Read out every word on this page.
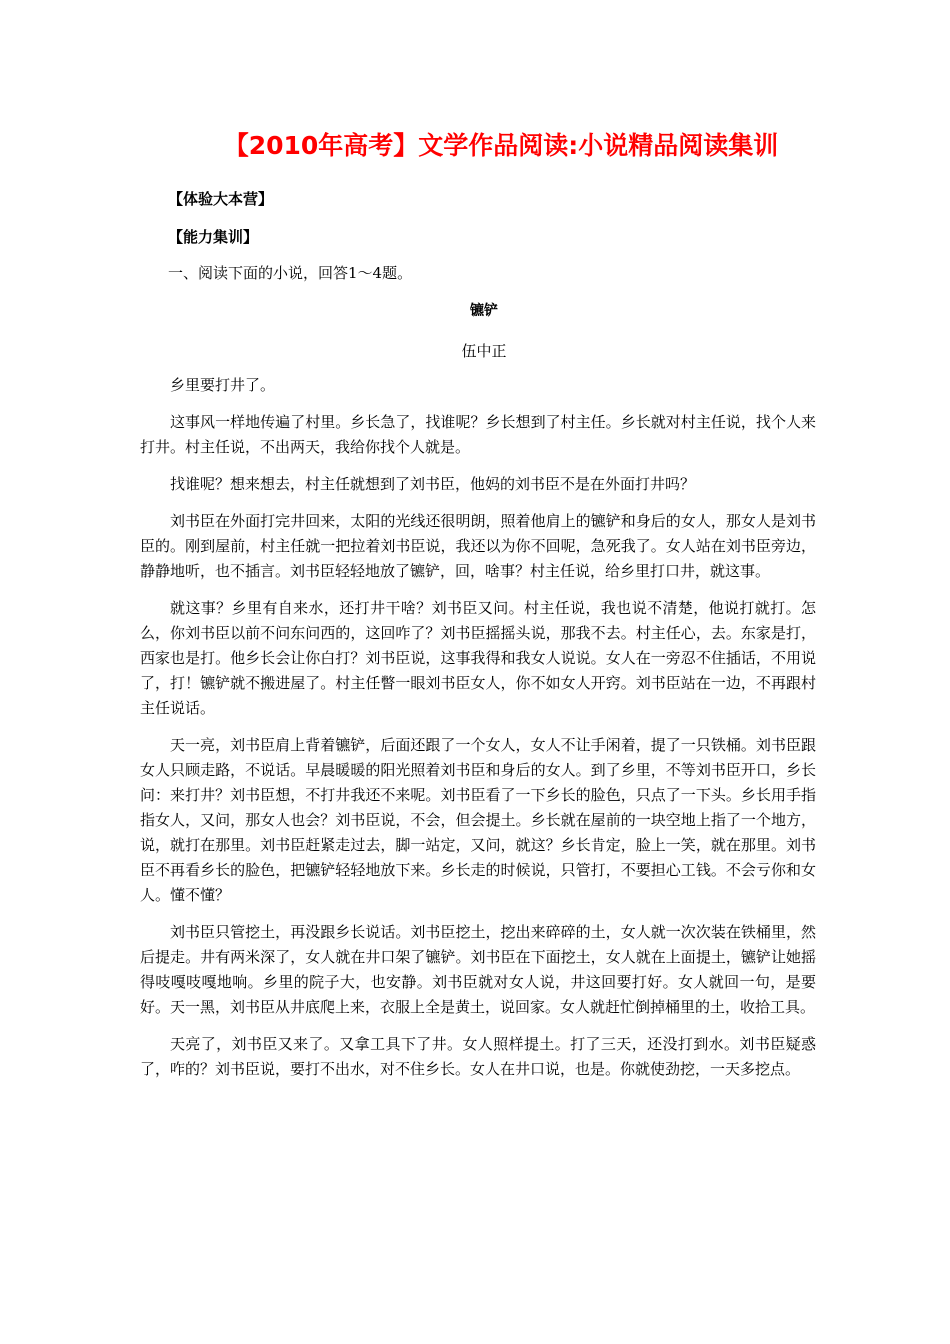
【2010年高考】文学作品阅读:小说精品阅读集训
【体验大本营】
【能力集训】
一、阅读下面的小说，回答1～4题。
镳铲
伍中正

乡里要打井了。

这事风一样地传遍了村里。乡长急了，找谁呢？乡长想到了村主任。乡长就对村主任说，找个人来打井。村主任说，不出两天，我给你找个人就是。

找谁呢？想来想去，村主任就想到了刘书臣，他妈的刘书臣不是在外面打井吗？

刘书臣在外面打完井回来，太阳的光线还很明朗，照着他肩上的镳铲和身后的女人，那女人是刘书臣的。刚到屋前，村主任就一把拉着刘书臣说，我还以为你不回呢，急死我了。女人站在刘书臣旁边，静静地听，也不插言。刘书臣轻轻地放了镳铲，回，啥事？村主任说，给乡里打口井，就这事。

就这事？乡里有自来水，还打井干啥？刘书臣又问。村主任说，我也说不清楚，他说打就打。怎么，你刘书臣以前不问东问西的，这回咋了？刘书臣摇摇头说，那我不去。村主任心，去。东家是打，西家也是打。他乡长会让你白打？刘书臣说，这事我得和我女人说说。女人在一旁忍不住插话，不用说了，打！镳铲就不搬进屋了。村主任瞥一眼刘书臣女人，你不如女人开窍。刘书臣站在一边，不再跟村主任说话。

天一亮，刘书臣肩上背着镳铲，后面还跟了一个女人，女人不让手闲着，提了一只铁桶。刘书臣跟女人只顾走路，不说话。早晨暖暖的阳光照着刘书臣和身后的女人。到了乡里，不等刘书臣开口，乡长问：来打井？刘书臣想，不打井我还不来呢。刘书臣看了一下乡长的脸色，只点了一下头。乡长用手指指女人，又问，那女人也会？刘书臣说，不会，但会提土。乡长就在屋前的一块空地上指了一个地方，说，就打在那里。刘书臣赶紧走过去，脚一站定，又问，就这？乡长肯定，脸上一笑，就在那里。刘书臣不再看乡长的脸色，把镳铲轻轻地放下来。乡长走的时候说，只管打，不要担心工钱。不会亏你和女人。懂不懂？

刘书臣只管挖土，再没跟乡长说话。刘书臣挖土，挖出来碎碎的土，女人就一次次装在铁桶里，然后提走。井有两米深了，女人就在井口架了镳铲。刘书臣在下面挖土，女人就在上面提土，镳铲让她摇得吱嘎吱嘎地响。乡里的院子大，也安静。刘书臣就对女人说，井这回要打好。女人就回一句，是要好。天一黑，刘书臣从井底爬上来，衣服上全是黄土，说回家。女人就赶忙倒掉桶里的土，收拾工具。

天亮了，刘书臣又来了。又拿工具下了井。女人照样提土。打了三天，还没打到水。刘书臣疑惑了，咋的？刘书臣说，要打不出水，对不住乡长。女人在井口说，也是。你就使劲挖，一天多挖点。
